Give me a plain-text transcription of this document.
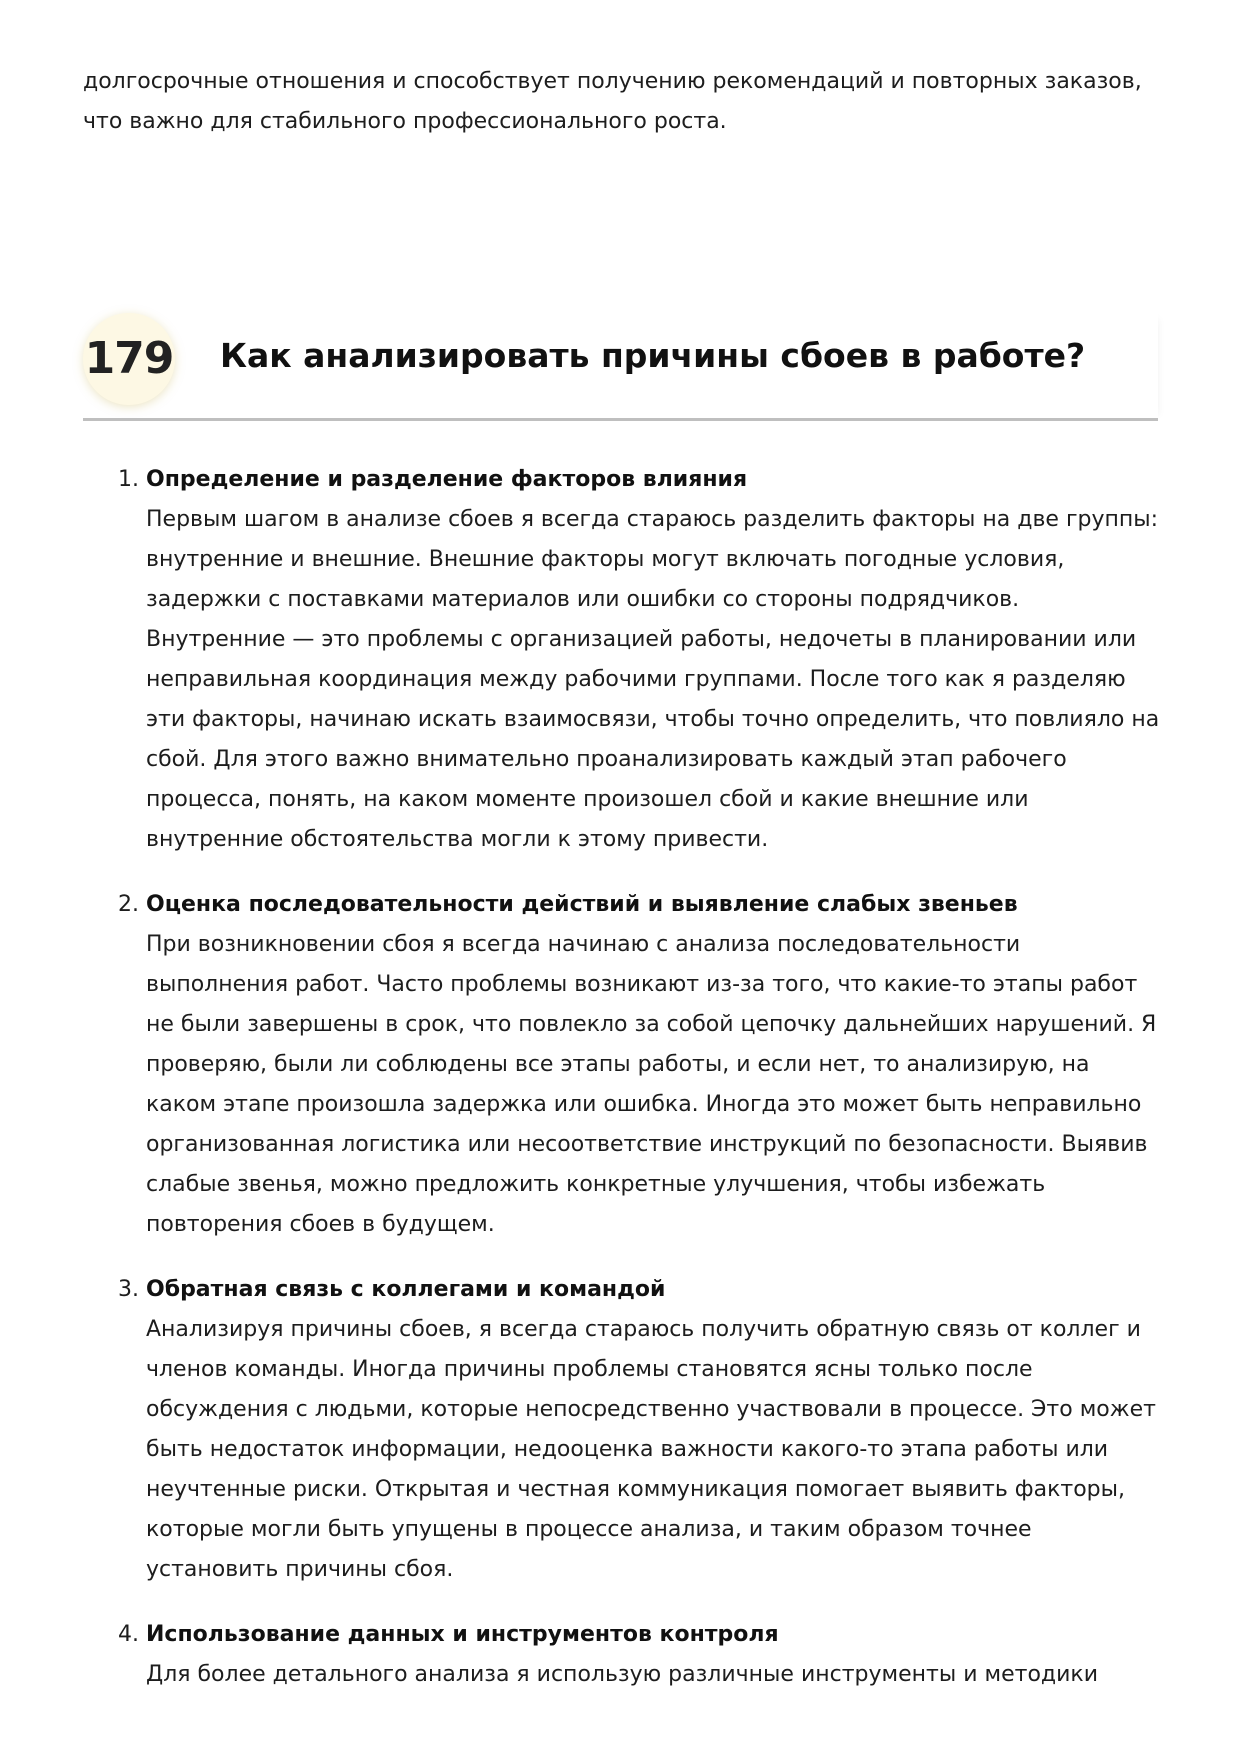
долгосрочные отношения и способствует получению рекомендаций и повторных заказов, что важно для стабильного профессионального роста.

179 Как анализировать причины сбоев в работе?
1. Определение и разделение факторов влияния
Первым шагом в анализе сбоев я всегда стараюсь разделить факторы на две группы: внутренние и внешние. Внешние факторы могут включать погодные условия, задержки с поставками материалов или ошибки со стороны подрядчиков. Внутренние — это проблемы с организацией работы, недочеты в планировании или неправильная координация между рабочими группами. После того как я разделяю эти факторы, начинаю искать взаимосвязи, чтобы точно определить, что повлияло на сбой. Для этого важно внимательно проанализировать каждый этап рабочего процесса, понять, на каком моменте произошел сбой и какие внешние или внутренние обстоятельства могли к этому привести.
2. Оценка последовательности действий и выявление слабых звеньев
При возникновении сбоя я всегда начинаю с анализа последовательности выполнения работ. Часто проблемы возникают из-за того, что какие-то этапы работ не были завершены в срок, что повлекло за собой цепочку дальнейших нарушений. Я проверяю, были ли соблюдены все этапы работы, и если нет, то анализирую, на каком этапе произошла задержка или ошибка. Иногда это может быть неправильно организованная логистика или несоответствие инструкций по безопасности. Выявив слабые звенья, можно предложить конкретные улучшения, чтобы избежать повторения сбоев в будущем.
3. Обратная связь с коллегами и командой
Анализируя причины сбоев, я всегда стараюсь получить обратную связь от коллег и членов команды. Иногда причины проблемы становятся ясны только после обсуждения с людьми, которые непосредственно участвовали в процессе. Это может быть недостаток информации, недооценка важности какого-то этапа работы или неучтенные риски. Открытая и честная коммуникация помогает выявить факторы, которые могли быть упущены в процессе анализа, и таким образом точнее установить причины сбоя.
4. Использование данных и инструментов контроля
Для более детального анализа я использую различные инструменты и методики
